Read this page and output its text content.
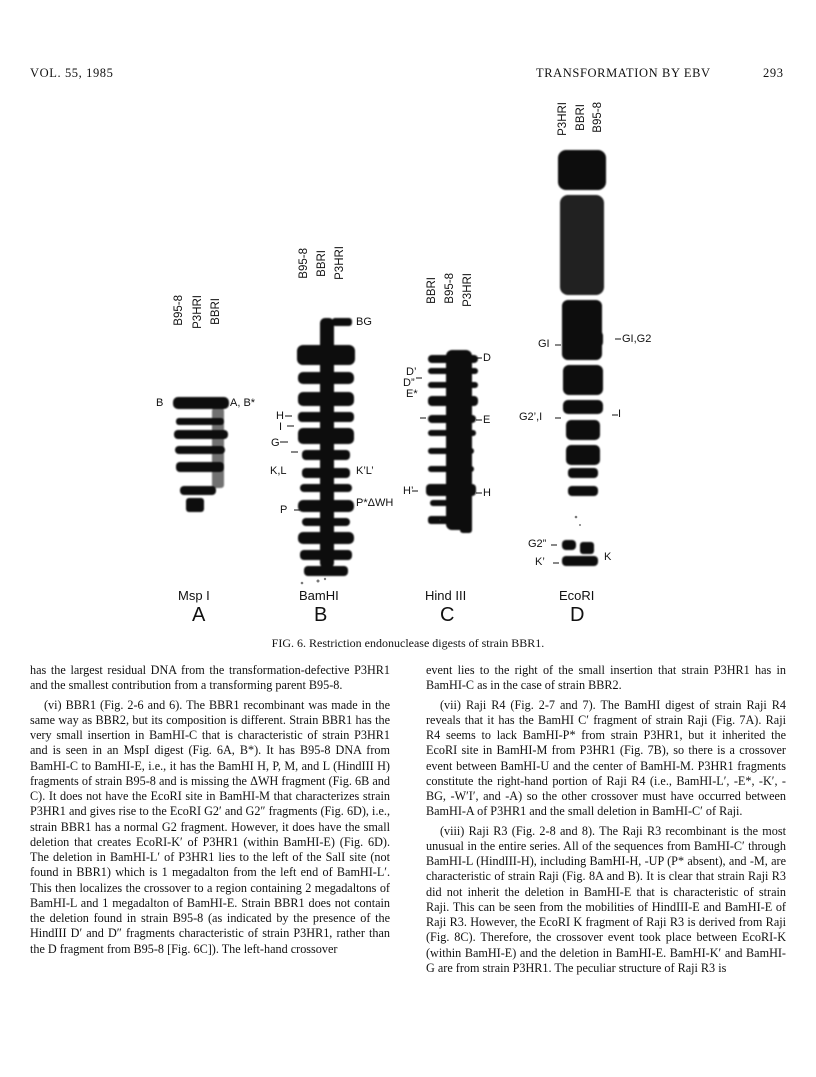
VOL. 55, 1985	TRANSFORMATION BY EBV	293
B95-8 P3HRI BBRI
B95-8 BBRI P3HRI
BBRI B95-8 P3HRI
P3HRI BBRI B95-8
B	A, B*
G
H
I
K,L
P
BG
K’L’
P*ΔWH
D’
D”
E*
H’
D
E
H
GI
G2’,I
G2”
K’
GI,G2
I
K
Msp I
A
BamHI
B
Hind III
C
EcoRI
D
FIG. 6. Restriction endonuclease digests of strain BBR1.

has the largest residual DNA from the transformation-defective P3HR1 and the smallest contribution from a transforming parent B95-8.

(vi) BBR1 (Fig. 2-6 and 6). The BBR1 recombinant was made in the same way as BBR2, but its composition is different. Strain BBR1 has the very small insertion in BamHI-C that is characteristic of strain P3HR1 and is seen in an MspI digest (Fig. 6A, B*). It has B95-8 DNA from BamHI-C to BamHI-E, i.e., it has the BamHI H, P, M, and L (HindIII H) fragments of strain B95-8 and is missing the ΔWH fragment (Fig. 6B and C). It does not have the EcoRI site in BamHI-M that characterizes strain P3HR1 and gives rise to the EcoRI G2′ and G2″ fragments (Fig. 6D), i.e., strain BBR1 has a normal G2 fragment. However, it does have the small deletion that creates EcoRI-K′ of P3HR1 (within BamHI-E) (Fig. 6D). The deletion in BamHI-L′ of P3HR1 lies to the left of the SalI site (not found in BBR1) which is 1 megadalton from the left end of BamHI-L′. This then localizes the crossover to a region containing 2 megadaltons of BamHI-L and 1 megadalton of BamHI-E. Strain BBR1 does not contain the deletion found in strain B95-8 (as indicated by the presence of the HindIII D′ and D″ fragments characteristic of strain P3HR1, rather than the D fragment from B95-8 [Fig. 6C]). The left-hand crossover

event lies to the right of the small insertion that strain P3HR1 has in BamHI-C as in the case of strain BBR2.

(vii) Raji R4 (Fig. 2-7 and 7). The BamHI digest of strain Raji R4 reveals that it has the BamHI C′ fragment of strain Raji (Fig. 7A). Raji R4 seems to lack BamHI-P* from strain P3HR1, but it inherited the EcoRI site in BamHI-M from P3HR1 (Fig. 7B), so there is a crossover event between BamHI-U and the center of BamHI-M. P3HR1 fragments constitute the right-hand portion of Raji R4 (i.e., BamHI-L′, -E*, -K′, -BG, -W′I′, and -A) so the other crossover must have occurred between BamHI-A of P3HR1 and the small deletion in BamHI-C′ of Raji.

(viii) Raji R3 (Fig. 2-8 and 8). The Raji R3 recombinant is the most unusual in the entire series. All of the sequences from BamHI-C′ through BamHI-L (HindIII-H), including BamHI-H, -UP (P* absent), and -M, are characteristic of strain Raji (Fig. 8A and B). It is clear that strain Raji R3 did not inherit the deletion in BamHI-E that is characteristic of strain Raji. This can be seen from the mobilities of HindIII-E and BamHI-E of Raji R3. However, the EcoRI K fragment of Raji R3 is derived from Raji (Fig. 8C). Therefore, the crossover event took place between EcoRI-K (within BamHI-E) and the deletion in BamHI-E. BamHI-K′ and BamHI-G are from strain P3HR1. The peculiar structure of Raji R3 is
